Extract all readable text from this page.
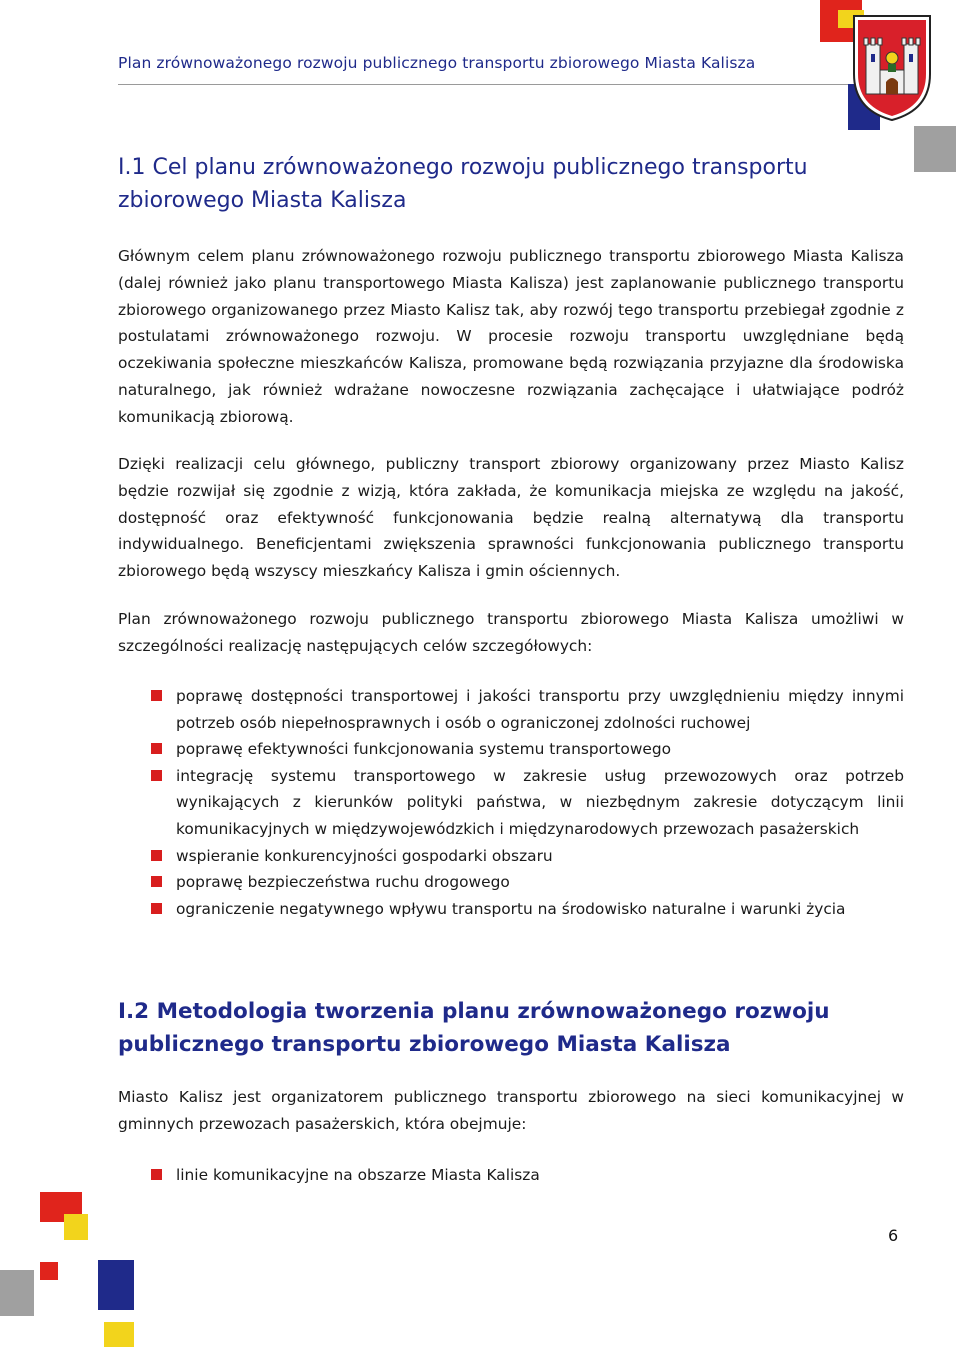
Plan zrównoważonego rozwoju publicznego transportu zbiorowego Miasta Kalisza
I.1 Cel planu zrównoważonego rozwoju publicznego transportu zbiorowego Miasta Kalisza

Głównym celem planu zrównoważonego rozwoju publicznego transportu zbiorowego Miasta Kalisza (dalej również jako planu transportowego Miasta Kalisza) jest zaplanowanie publicznego transportu zbiorowego organizowanego przez Miasto Kalisz tak, aby rozwój tego transportu przebiegał zgodnie z postulatami zrównoważonego rozwoju. W procesie rozwoju transportu uwzględniane będą oczekiwania społeczne mieszkańców Kalisza, promowane będą rozwiązania przyjazne dla środowiska naturalnego, jak również wdrażane nowoczesne rozwiązania zachęcające i ułatwiające podróż komunikacją zbiorową.

Dzięki realizacji celu głównego, publiczny transport zbiorowy organizowany przez Miasto Kalisz będzie rozwijał się zgodnie z wizją, która zakłada, że komunikacja miejska ze względu na jakość, dostępność oraz efektywność funkcjonowania będzie realną alternatywą dla transportu indywidualnego. Beneficjentami zwiększenia sprawności funkcjonowania publicznego transportu zbiorowego będą wszyscy mieszkańcy Kalisza i gmin ościennych.

Plan zrównoważonego rozwoju publicznego transportu zbiorowego Miasta Kalisza umożliwi w szczególności realizację następujących celów szczegółowych:

poprawę dostępności transportowej i jakości transportu przy uwzględnieniu między innymi potrzeb osób niepełnosprawnych i osób o ograniczonej zdolności ruchowej
poprawę efektywności funkcjonowania systemu transportowego
integrację systemu transportowego w zakresie usług przewozowych oraz potrzeb wynikających z kierunków polityki państwa, w niezbędnym zakresie dotyczącym linii komunikacyjnych w międzywojewódzkich i międzynarodowych przewozach pasażerskich
wspieranie konkurencyjności gospodarki obszaru
poprawę bezpieczeństwa ruchu drogowego
ograniczenie negatywnego wpływu transportu na środowisko naturalne i warunki życia
I.2 Metodologia tworzenia planu zrównoważonego rozwoju publicznego transportu zbiorowego Miasta Kalisza

Miasto Kalisz jest organizatorem publicznego transportu zbiorowego na sieci komunikacyjnej w gminnych przewozach pasażerskich, która obejmuje:

linie komunikacyjne na obszarze Miasta Kalisza
6
